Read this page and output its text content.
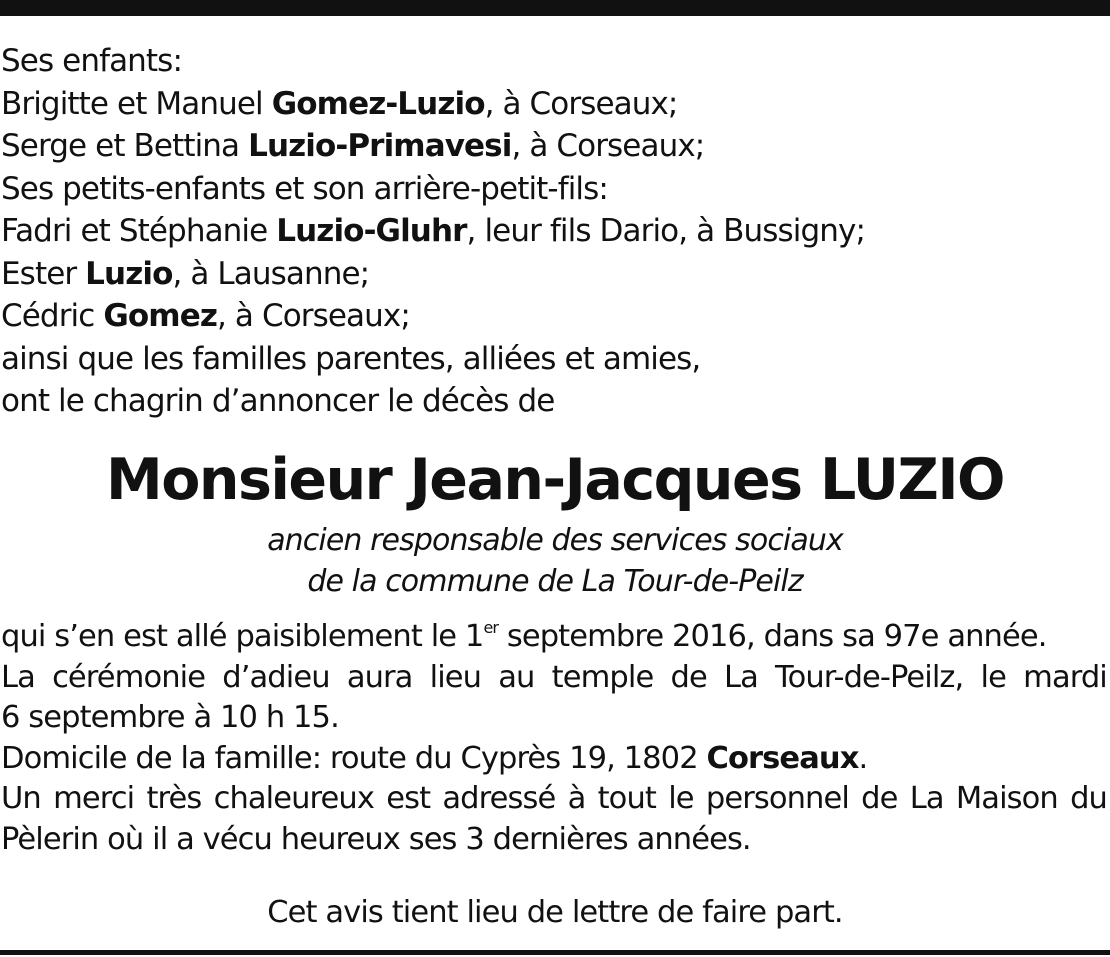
Ses enfants:
Brigitte et Manuel Gomez-Luzio, à Corseaux;
Serge et Bettina Luzio-Primavesi, à Corseaux;
Ses petits-enfants et son arrière-petit-fils:
Fadri et Stéphanie Luzio-Gluhr, leur fils Dario, à Bussigny;
Ester Luzio, à Lausanne;
Cédric Gomez, à Corseaux;
ainsi que les familles parentes, alliées et amies,
ont le chagrin d’annoncer le décès de
Monsieur Jean-Jacques LUZIO
ancien responsable des services sociaux
de la commune de La Tour-de-Peilz
qui s’en est allé paisiblement le 1er septembre 2016, dans sa 97e année.
La cérémonie d’adieu aura lieu au temple de La Tour-de-Peilz, le mardi
6 septembre à 10 h 15.
Domicile de la famille: route du Cyprès 19, 1802 Corseaux.
Un merci très chaleureux est adressé à tout le personnel de La Maison du
Pèlerin où il a vécu heureux ses 3 dernières années.
Cet avis tient lieu de lettre de faire part.
